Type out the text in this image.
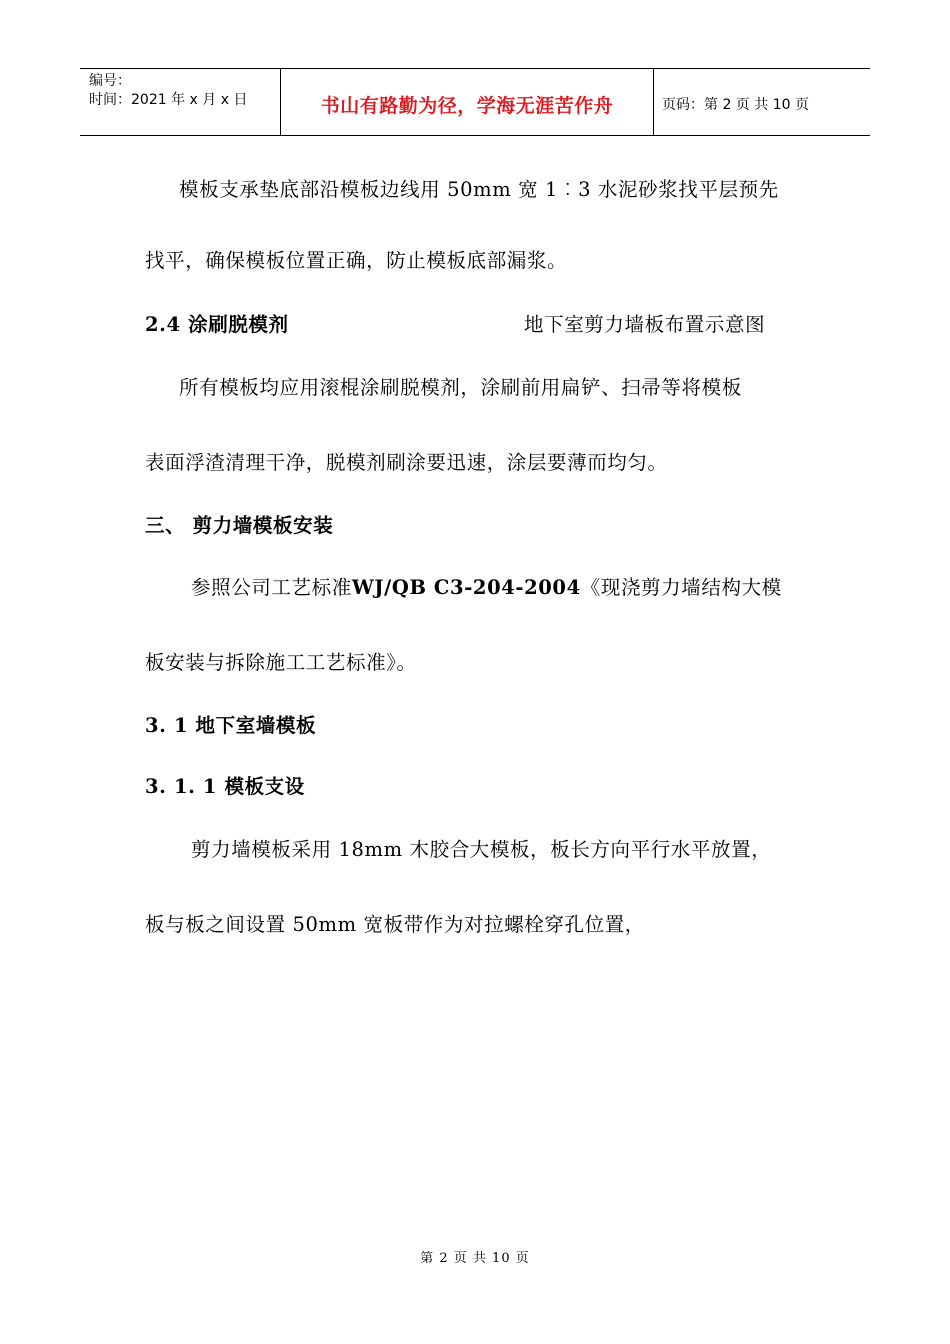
编号：
时间：2021 年 x 月 x 日	书山有路勤为径，学海无涯苦作舟	页码：第 2 页 共 10 页
模板支承垫底部沿模板边线用 50mm 宽 1︰3 水泥砂浆找平层预先
找平，确保模板位置正确，防止模板底部漏浆。
2.4 涂刷脱模剂	地下室剪力墙板布置示意图
所有模板均应用滚棍涂刷脱模剂，涂刷前用扁铲、扫帚等将模板
表面浮渣清理干净，脱模剂刷涂要迅速，涂层要薄而均匀。
三、 剪力墙模板安装
参照公司工艺标准WJ/QB C3-204-2004《现浇剪力墙结构大模
板安装与拆除施工工艺标准》。
3. 1 地下室墙模板
3. 1. 1 模板支设
剪力墙模板采用 18mm 木胶合大模板，板长方向平行水平放置，
板与板之间设置 50mm 宽板带作为对拉螺栓穿孔位置，
第 2 页 共 10 页
